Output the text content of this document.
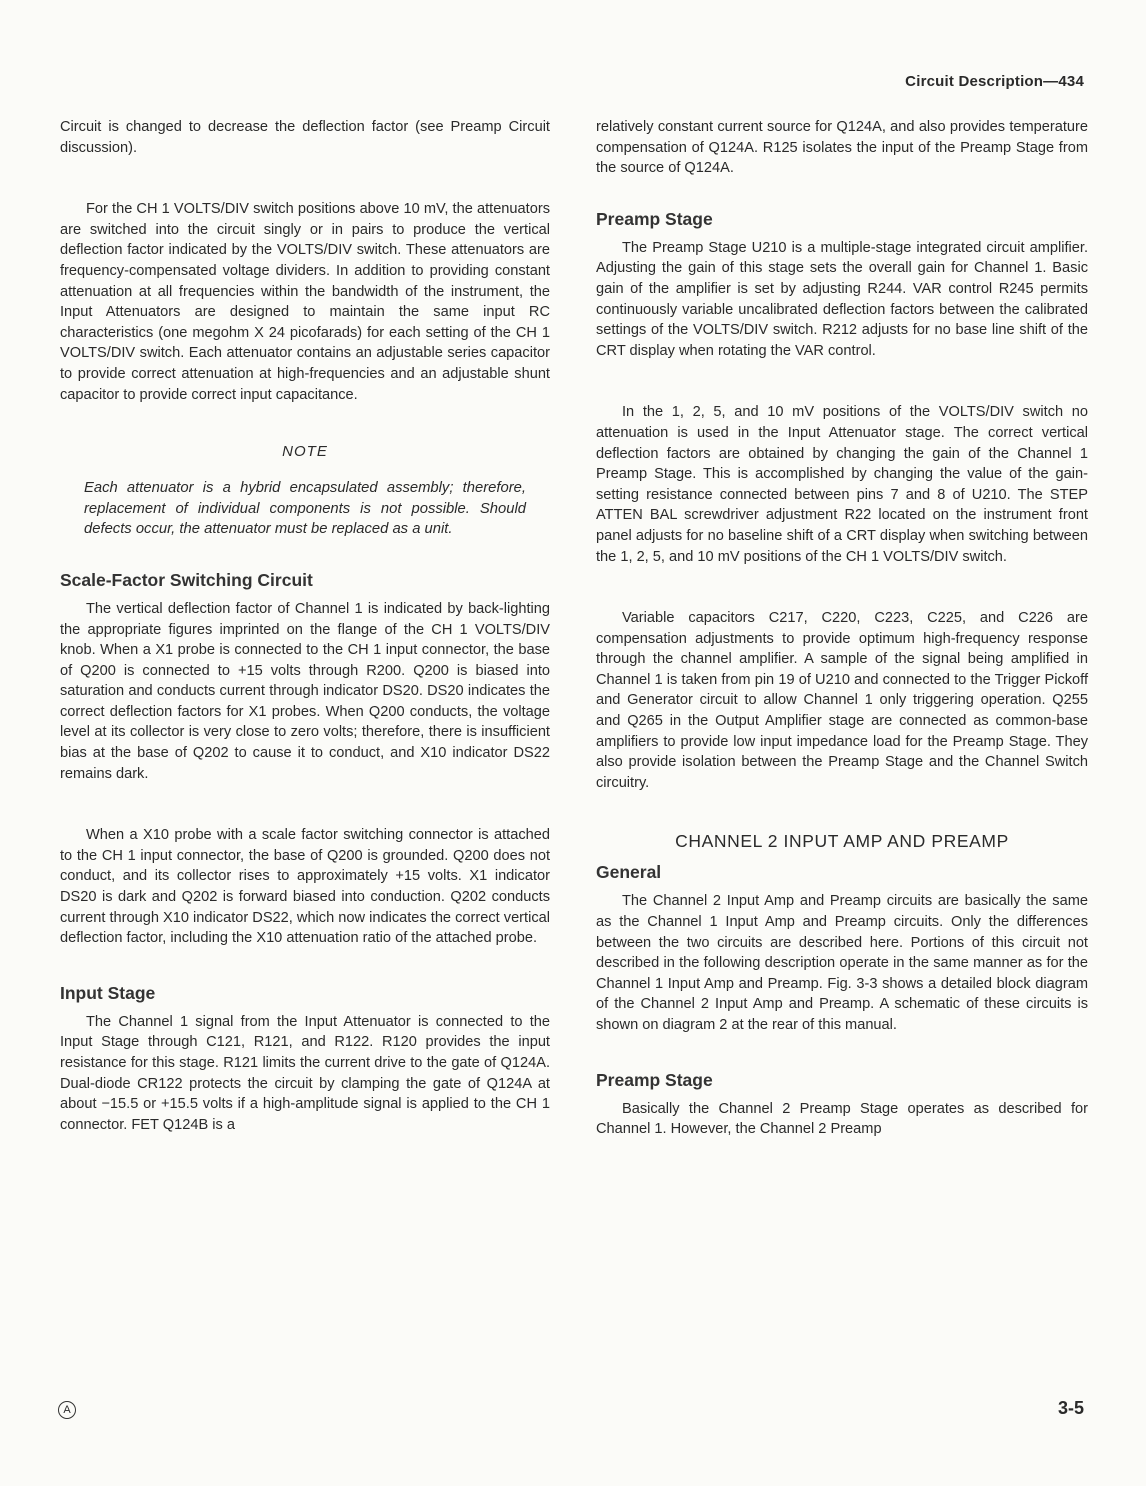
Circuit Description—434

Circuit is changed to decrease the deflection factor (see Preamp Circuit discussion).

For the CH 1 VOLTS/DIV switch positions above 10 mV, the attenuators are switched into the circuit singly or in pairs to produce the vertical deflection factor indicated by the VOLTS/DIV switch. These attenuators are frequency-compensated voltage dividers. In addition to providing constant attenuation at all frequencies within the bandwidth of the instrument, the Input Attenuators are designed to maintain the same input RC characteristics (one megohm X 24 picofarads) for each setting of the CH 1 VOLTS/DIV switch. Each attenuator contains an adjustable series capacitor to provide correct attenuation at high-frequencies and an adjustable shunt capacitor to provide correct input capacitance.

NOTE
Each attenuator is a hybrid encapsulated assembly; therefore, replacement of individual components is not possible. Should defects occur, the attenuator must be replaced as a unit.
Scale-Factor Switching Circuit

The vertical deflection factor of Channel 1 is indicated by back-lighting the appropriate figures imprinted on the flange of the CH 1 VOLTS/DIV knob. When a X1 probe is connected to the CH 1 input connector, the base of Q200 is connected to +15 volts through R200. Q200 is biased into saturation and conducts current through indicator DS20. DS20 indicates the correct deflection factors for X1 probes. When Q200 conducts, the voltage level at its collector is very close to zero volts; therefore, there is insufficient bias at the base of Q202 to cause it to conduct, and X10 indicator DS22 remains dark.

When a X10 probe with a scale factor switching connector is attached to the CH 1 input connector, the base of Q200 is grounded. Q200 does not conduct, and its collector rises to approximately +15 volts. X1 indicator DS20 is dark and Q202 is forward biased into conduction. Q202 conducts current through X10 indicator DS22, which now indicates the correct vertical deflection factor, including the X10 attenuation ratio of the attached probe.

Input Stage

The Channel 1 signal from the Input Attenuator is connected to the Input Stage through C121, R121, and R122. R120 provides the input resistance for this stage. R121 limits the current drive to the gate of Q124A. Dual-diode CR122 protects the circuit by clamping the gate of Q124A at about −15.5 or +15.5 volts if a high-amplitude signal is applied to the CH 1 connector. FET Q124B is a

relatively constant current source for Q124A, and also provides temperature compensation of Q124A. R125 isolates the input of the Preamp Stage from the source of Q124A.

Preamp Stage

The Preamp Stage U210 is a multiple-stage integrated circuit amplifier. Adjusting the gain of this stage sets the overall gain for Channel 1. Basic gain of the amplifier is set by adjusting R244. VAR control R245 permits continuously variable uncalibrated deflection factors between the calibrated settings of the VOLTS/DIV switch. R212 adjusts for no base line shift of the CRT display when rotating the VAR control.

In the 1, 2, 5, and 10 mV positions of the VOLTS/DIV switch no attenuation is used in the Input Attenuator stage. The correct vertical deflection factors are obtained by changing the gain of the Channel 1 Preamp Stage. This is accomplished by changing the value of the gain-setting resistance connected between pins 7 and 8 of U210. The STEP ATTEN BAL screwdriver adjustment R22 located on the instrument front panel adjusts for no baseline shift of a CRT display when switching between the 1, 2, 5, and 10 mV positions of the CH 1 VOLTS/DIV switch.

Variable capacitors C217, C220, C223, C225, and C226 are compensation adjustments to provide optimum high-frequency response through the channel amplifier. A sample of the signal being amplified in Channel 1 is taken from pin 19 of U210 and connected to the Trigger Pickoff and Generator circuit to allow Channel 1 only triggering operation. Q255 and Q265 in the Output Amplifier stage are connected as common-base amplifiers to provide low input impedance load for the Preamp Stage. They also provide isolation between the Preamp Stage and the Channel Switch circuitry.

CHANNEL 2 INPUT AMP AND PREAMP
General

The Channel 2 Input Amp and Preamp circuits are basically the same as the Channel 1 Input Amp and Preamp circuits. Only the differences between the two circuits are described here. Portions of this circuit not described in the following description operate in the same manner as for the Channel 1 Input Amp and Preamp. Fig. 3-3 shows a detailed block diagram of the Channel 2 Input Amp and Preamp. A schematic of these circuits is shown on diagram 2 at the rear of this manual.

Preamp Stage

Basically the Channel 2 Preamp Stage operates as described for Channel 1. However, the Channel 2 Preamp

A	3-5
